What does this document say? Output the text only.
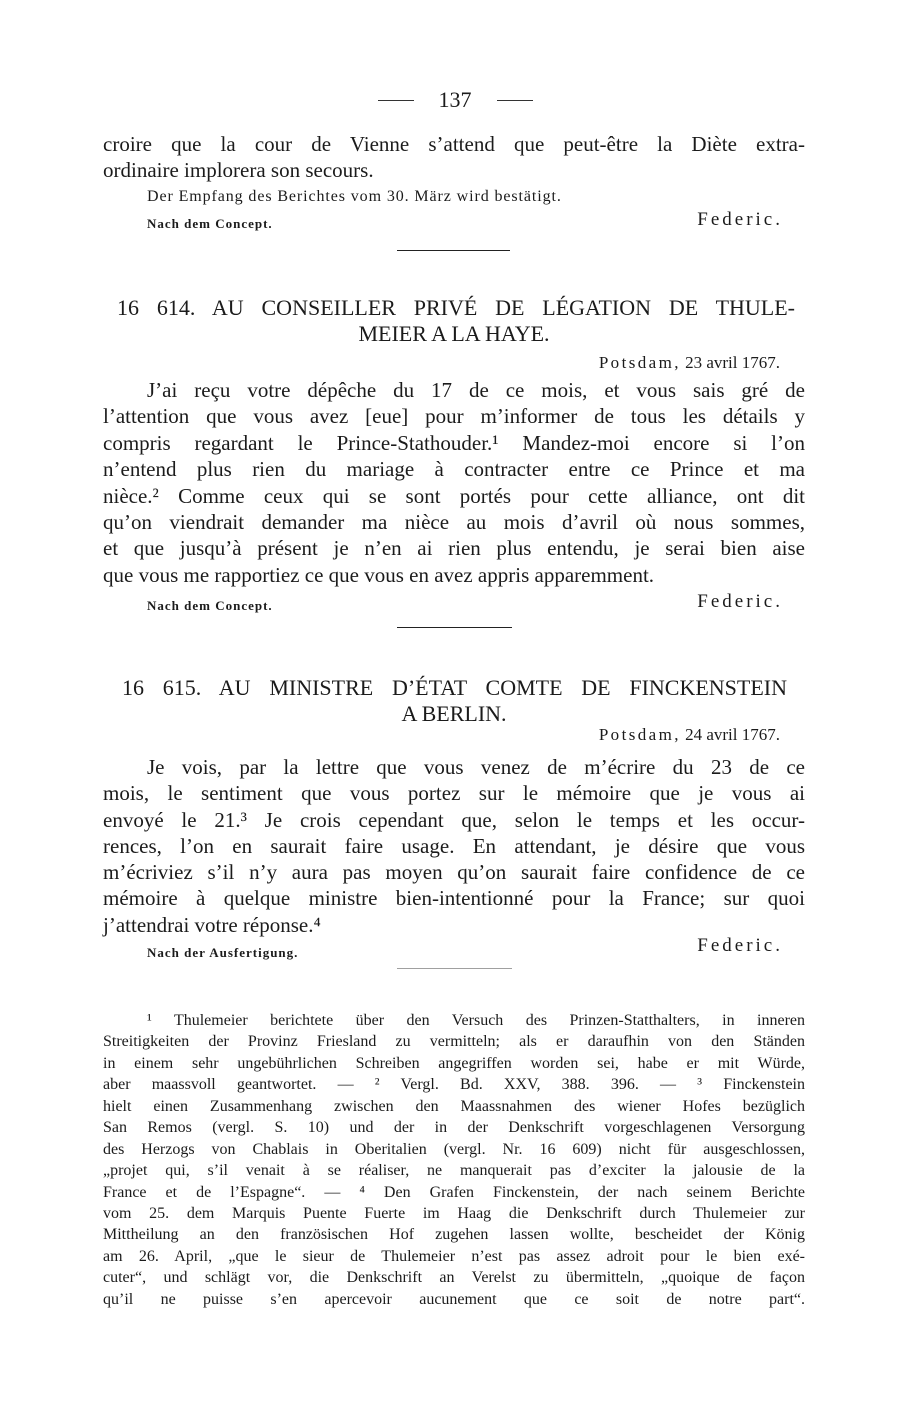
137
croire que la cour de Vienne s’attend que peut-être la Diète extra-
ordinaire implorera son secours.
Der Empfang des Berichtes vom 30. März wird bestätigt.
Nach dem Concept.	Federic.
16 614. AU CONSEILLER PRIVÉ DE LÉGATION DE THULE-
MEIER A LA HAYE.
Potsdam, 23 avril 1767.
J’ai reçu votre dépêche du 17 de ce mois, et vous sais gré de
l’attention que vous avez [eue] pour m’informer de tous les détails y
compris regardant le Prince-Stathouder.¹ Mandez-moi encore si l’on
n’entend plus rien du mariage à contracter entre ce Prince et ma
nièce.² Comme ceux qui se sont portés pour cette alliance, ont dit
qu’on viendrait demander ma nièce au mois d’avril où nous sommes,
et que jusqu’à présent je n’en ai rien plus entendu, je serai bien aise
que vous me rapportiez ce que vous en avez appris apparemment.
Nach dem Concept.	Federic.
16 615. AU MINISTRE D’ÉTAT COMTE DE FINCKENSTEIN
A BERLIN.
Potsdam, 24 avril 1767.
Je vois, par la lettre que vous venez de m’écrire du 23 de ce
mois, le sentiment que vous portez sur le mémoire que je vous ai
envoyé le 21.³ Je crois cependant que, selon le temps et les occur-
rences, l’on en saurait faire usage. En attendant, je désire que vous
m’écriviez s’il n’y aura pas moyen qu’on saurait faire confidence de ce
mémoire à quelque ministre bien-intentionné pour la France; sur quoi
j’attendrai votre réponse.⁴
Nach der Ausfertigung.	Federic.
¹ Thulemeier berichtete über den Versuch des Prinzen-Statthalters, in inneren
Streitigkeiten der Provinz Friesland zu vermitteln; als er daraufhin von den Ständen
in einem sehr ungebührlichen Schreiben angegriffen worden sei, habe er mit Würde,
aber maassvoll geantwortet. — ² Vergl. Bd. XXV, 388. 396. — ³ Finckenstein
hielt einen Zusammenhang zwischen den Maassnahmen des wiener Hofes bezüglich
San Remos (vergl. S. 10) und der in der Denkschrift vorgeschlagenen Versorgung
des Herzogs von Chablais in Oberitalien (vergl. Nr. 16 609) nicht für ausgeschlossen,
„projet qui, s’il venait à se réaliser, ne manquerait pas d’exciter la jalousie de la
France et de l’Espagne“. — ⁴ Den Grafen Finckenstein, der nach seinem Berichte
vom 25. dem Marquis Puente Fuerte im Haag die Denkschrift durch Thulemeier zur
Mittheilung an den französischen Hof zugehen lassen wollte, bescheidet der König
am 26. April, „que le sieur de Thulemeier n’est pas assez adroit pour le bien exé-
cuter“, und schlägt vor, die Denkschrift an Verelst zu übermitteln, „quoique de façon
qu’il ne puisse s’en apercevoir aucunement que ce soit de notre part“.
